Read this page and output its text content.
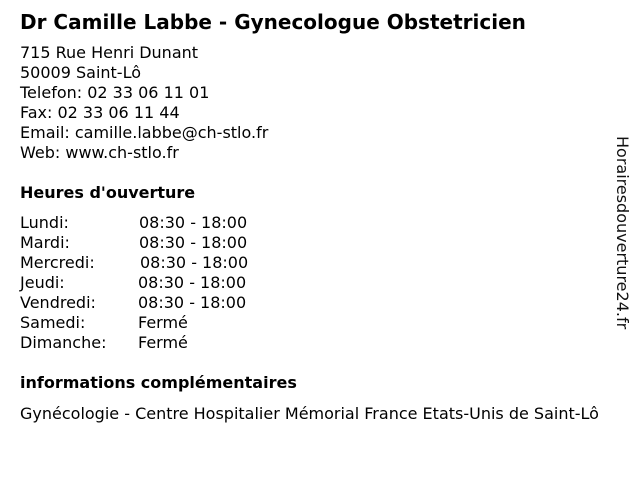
Dr Camille Labbe - Gynecologue Obstetricien
715 Rue Henri Dunant
50009 Saint-Lô
Telefon: 02 33 06 11 01
Fax: 02 33 06 11 44
Email: camille.labbe@ch-stlo.fr
Web: www.ch-stlo.fr
Heures d'ouverture
Lundi:	08:30 - 18:00
Mardi:	08:30 - 18:00
Mercredi:	08:30 - 18:00
Jeudi:	08:30 - 18:00
Vendredi:	08:30 - 18:00
Samedi:	Fermé
Dimanche: Fermé
informations complémentaires
Gynécologie - Centre Hospitalier Mémorial France Etats-Unis de Saint-Lô
Horairesdouverture24.fr
